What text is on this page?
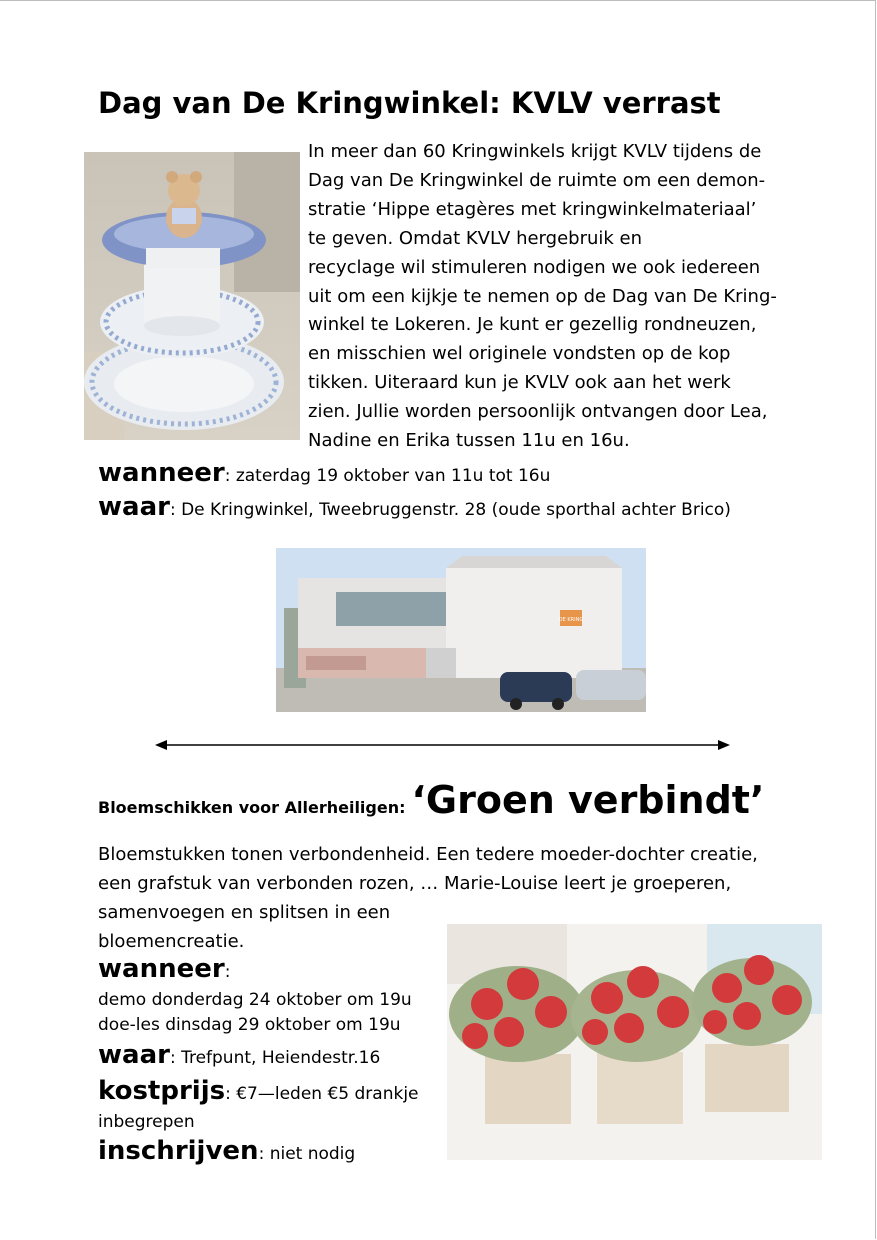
Dag van De Kringwinkel: KVLV verrast
In meer dan 60 Kringwinkels krijgt KVLV tijdens de
Dag van De Kringwinkel de ruimte om een demon-
stratie ‘Hippe etagères met kringwinkelmateriaal’
te geven. Omdat KVLV hergebruik en
recyclage wil stimuleren nodigen we ook iedereen
uit om een kijkje te nemen op de Dag van De Kring-
winkel te Lokeren. Je kunt er gezellig rondneuzen,
en misschien wel originele vondsten op de kop
tikken. Uiteraard kun je KVLV ook aan het werk
zien. Jullie worden persoonlijk ontvangen door Lea,
Nadine en Erika tussen 11u en 16u.
wanneer: zaterdag 19 oktober van 11u tot 16u
waar: De Kringwinkel, Tweebruggenstr. 28 (oude sporthal achter Brico)
DE KRING
Bloemschikken voor Allerheiligen: ‘Groen verbindt’
Bloemstukken tonen verbondenheid. Een tedere moeder-dochter creatie,
een grafstuk van verbonden rozen, … Marie-Louise leert je groeperen,
samenvoegen en splitsen in een
bloemencreatie.
wanneer:
demo donderdag 24 oktober om 19u
doe-les dinsdag 29 oktober om 19u
waar: Trefpunt, Heiendestr.16
kostprijs: €7—leden €5 drankje
inbegrepen
inschrijven: niet nodig
